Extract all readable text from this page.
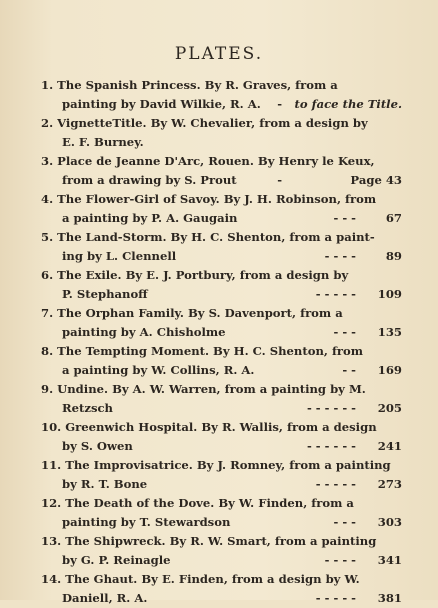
PLATES.
1. The Spanish Princess. By R. Graves, from a
painting by David Wilkie, R. A. - to face the Title.
2. VignetteTitle. By W. Chevalier, from a design by
E. F. Burney.
3. Place de Jeanne D'Arc, Rouen. By Henry le Keux,
from a drawing by S. Prout	-	Page 43
4. The Flower-Girl of Savoy. By J. H. Robinson, from
a painting by P. A. Gaugain	- - -	67
5. The Land-Storm. By H. C. Shenton, from a paint-
ing by L. Clennell	- - - -	89
6. The Exile. By E. J. Portbury, from a design by
P. Stephanoff	- - - - - 109
7. The Orphan Family. By S. Davenport, from a
painting by A. Chisholme	- - - 135
8. The Tempting Moment. By H. C. Shenton, from
a painting by W. Collins, R. A.	- - 169
9. Undine. By A. W. Warren, from a painting by M.
Retzsch	- - - - - - 205
10. Greenwich Hospital. By R. Wallis, from a design
by S. Owen	- - - - - - 241
11. The Improvisatrice. By J. Romney, from a painting
by R. T. Bone	- - - - - 273
12. The Death of the Dove. By W. Finden, from a
painting by T. Stewardson	- - - 303
13. The Shipwreck. By R. W. Smart, from a painting
by G. P. Reinagle	- - - - 341
14. The Ghaut. By E. Finden, from a design by W.
Daniell, R. A.	- - - - - 381
